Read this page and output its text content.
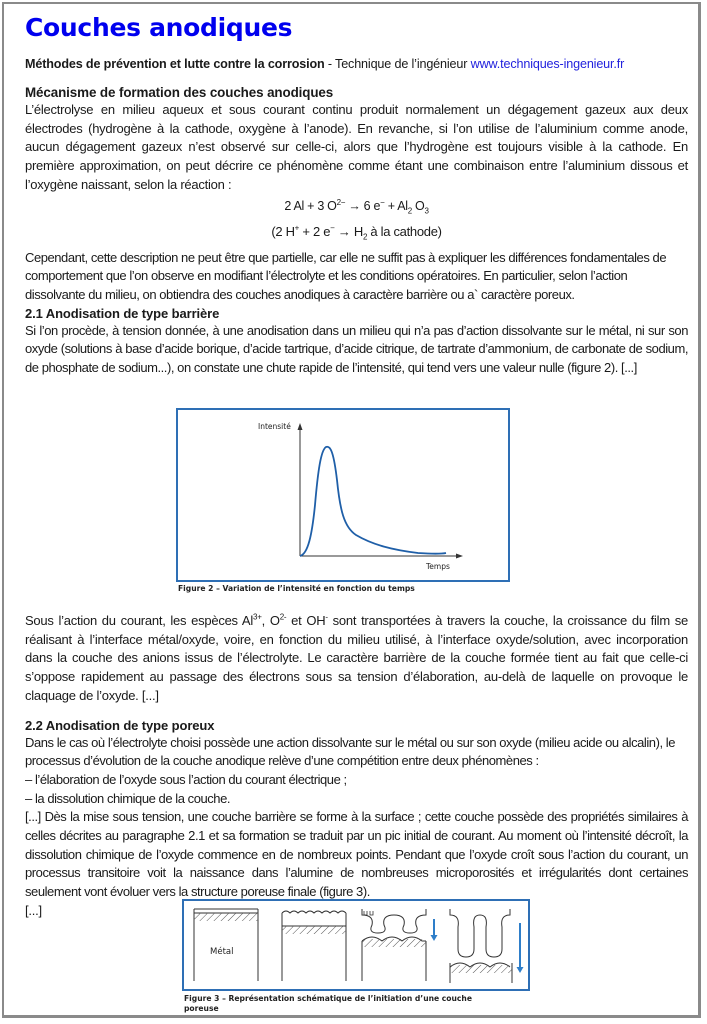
Couches anodiques
Méthodes de prévention et lutte contre la corrosion - Technique de l’ingénieur www.techniques-ingenieur.fr
Mécanisme de formation des couches anodiques

L’électrolyse en milieu aqueux et sous courant continu produit normalement un dégagement gazeux aux deux électrodes (hydrogène à la cathode, oxygène à l’anode). En revanche, si l’on utilise de l’aluminium comme anode, aucun dégagement gazeux n’est observé sur celle-ci, alors que l’hydrogène est toujours visible à la cathode. En première approximation, on peut décrire ce phénomène comme étant une combinaison entre l’aluminium dissous et l’oxygène naissant, selon la réaction :

2 Al + 3 $O^{2-} \to 6$ $e^- + Al_2$ $O_3$
(2 H+ + 2 $e^- \to H_2$ à la cathode)

Cependant, cette description ne peut être que partielle, car elle ne suffit pas à expliquer les différences fondamentales de comportement que l’on observe en modifiant l’électrolyte et les conditions opératoires. En particulier, selon l’action dissolvante du milieu, on obtiendra des couches anodiques à caractère barrière ou a` caractère poreux.

2.1 Anodisation de type barrière

Si l’on procède, à tension donnée, à une anodisation dans un milieu qui n’a pas d’action dissolvante sur le métal, ni sur son oxyde (solutions à base d’acide borique, d’acide tartrique, d’acide citrique, de tartrate d’ammonium, de carbonate de sodium, de phosphate de sodium...), on constate une chute rapide de l’intensité, qui tend vers une valeur nulle (figure 2). [...]

Intensité
Temps
Figure 2 – Variation de l’intensité en fonction du temps

Sous l’action du courant, les espèces $Al^{3+}$, $O^{2-}$ et OH- sont transportées à travers la couche, la croissance du film se réalisant à l’interface métal/oxyde, voire, en fonction du milieu utilisé, à l’interface oxyde/solution, avec incorporation dans la couche des anions issus de l’électrolyte. Le caractère barrière de la couche formée tient au fait que celle-ci s’oppose rapidement au passage des électrons sous sa tension d’élaboration, au-delà de laquelle on provoque le claquage de l’oxyde. [...]

2.2 Anodisation de type poreux

Dans le cas où l’électrolyte choisi possède une action dissolvante sur le métal ou sur son oxyde (milieu acide ou alcalin), le processus d’évolution de la couche anodique relève d’une compétition entre deux phénomènes :

– l’élaboration de l’oxyde sous l’action du courant électrique ;

– la dissolution chimique de la couche.

[...] Dès la mise sous tension, une couche barrière se forme à la surface ; cette couche possède des propriétés similaires à celles décrites au paragraphe 2.1 et sa formation se traduit par un pic initial de courant. Au moment où l’intensité décroît, la dissolution chimique de l’oxyde commence en de nombreux points. Pendant que l’oxyde croît sous l’action du courant, un processus transitoire voit la naissance dans l’alumine de nombreuses microporosités et irrégularités dont certaines seulement vont évoluer vers la structure poreuse finale (figure 3).

[...]

Métal
Figure 3 – Représentation schématique de l’initiation d’une couche poreuse
